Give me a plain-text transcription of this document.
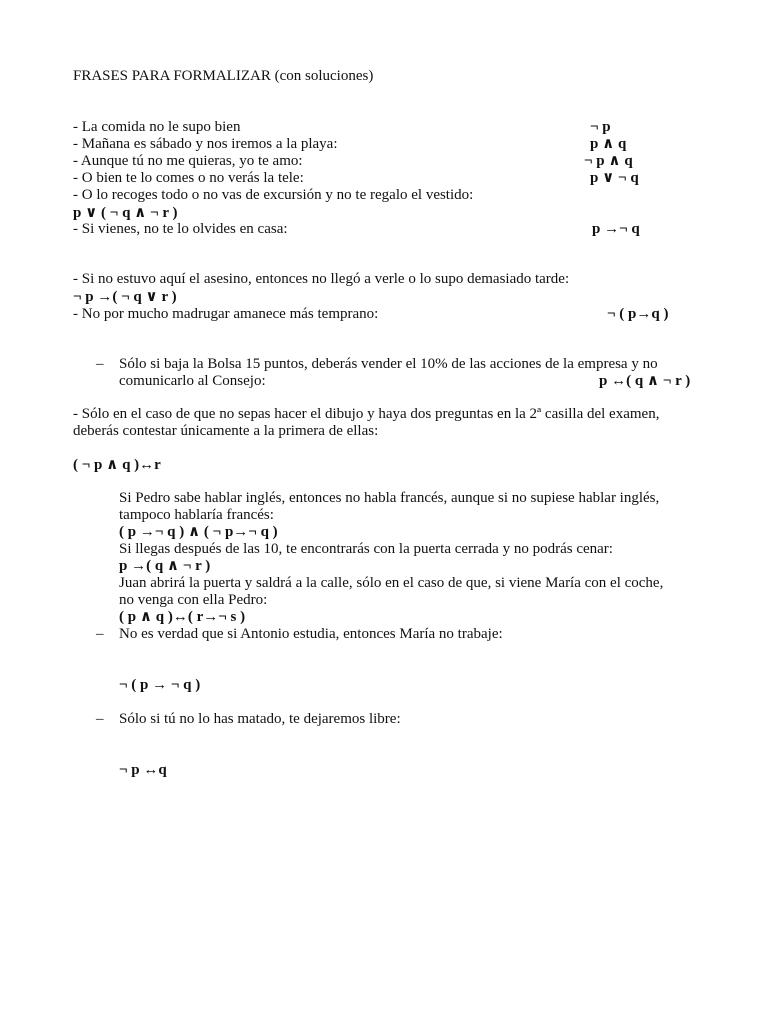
FRASES PARA FORMALIZAR (con soluciones)
- La comida no le supo bien	¬ p
- Mañana es sábado y nos iremos a la playa:	p ∧ q
- Aunque tú no me quieras, yo te amo:	¬ p ∧ q
- O bien te lo comes o no verás la tele:	p ∨ ¬ q
- O lo recoges todo o no vas de excursión y no te regalo el vestido:
p ∨ ( ¬ q ∧ ¬ r )
- Si vienes, no te lo olvides en casa:	p →¬ q
- Si no estuvo aquí el asesino, entonces no llegó a verle o lo supo demasiado tarde:
¬ p →( ¬ q ∨ r )
- No por mucho madrugar amanece más temprano:	¬ ( p→q )
– Sólo si baja la Bolsa 15 puntos, deberás vender el 10% de las acciones de la empresa y no
comunicarlo al Consejo:	p ↔( q ∧ ¬ r )
- Sólo en el caso de que no sepas hacer el dibujo y haya dos preguntas en la 2ª casilla del examen,
deberás contestar únicamente a la primera de ellas:
( ¬ p ∧ q )↔r
Si Pedro sabe hablar inglés, entonces no habla francés, aunque si no supiese hablar inglés,
tampoco hablaría francés:
( p →¬ q ) ∧ ( ¬ p→¬ q )
Si llegas después de las 10, te encontrarás con la puerta cerrada y no podrás cenar:
p →( q ∧ ¬ r )
Juan abrirá la puerta y saldrá a la calle, sólo en el caso de que, si viene María con el coche,
no venga con ella Pedro:
( p ∧ q )↔( r→¬ s )
– No es verdad que si Antonio estudia, entonces María no trabaje:
¬ ( p → ¬ q )
– Sólo si tú no lo has matado, te dejaremos libre:
¬ p ↔q
